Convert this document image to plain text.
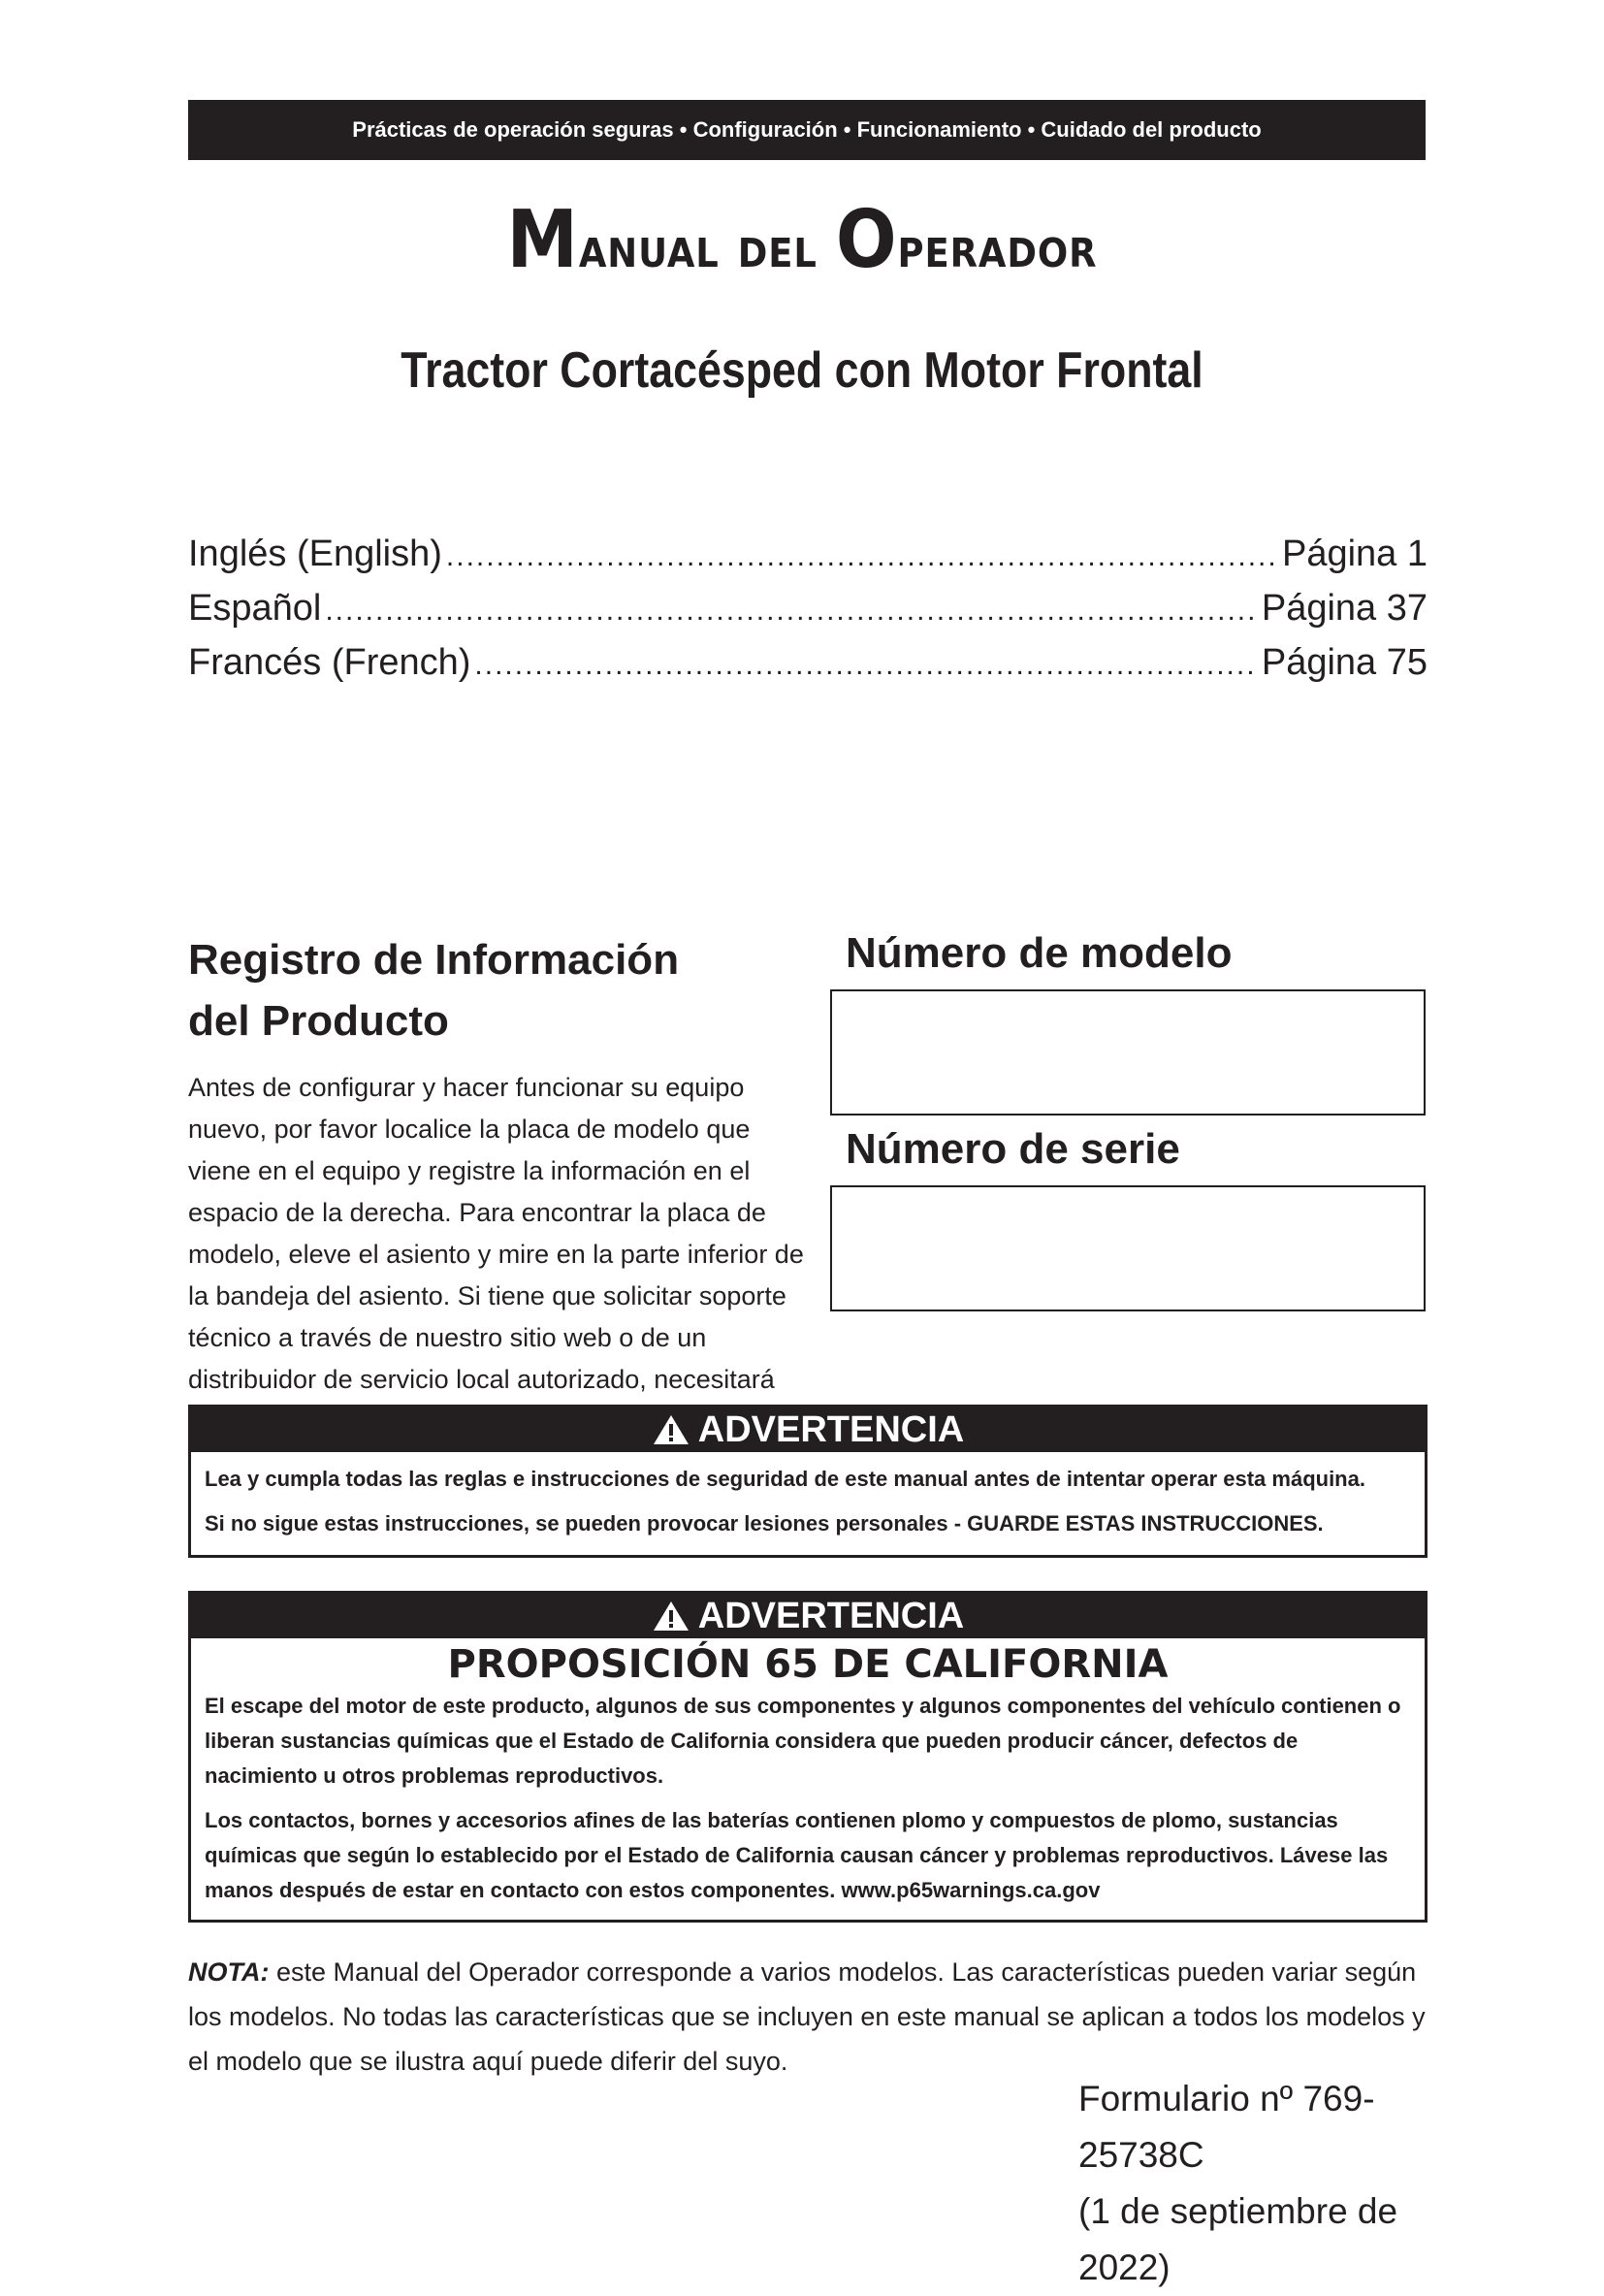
Prácticas de operación seguras • Configuración • Funcionamiento • Cuidado del producto
Manual del Operador
Tractor Cortacésped con Motor Frontal
Inglés (English) .....	Página 1
Español .....	Página 37
Francés (French) .....	Página 75
Registro de Información
del Producto
Antes de configurar y hacer funcionar su equipo nuevo, por favor localice la placa de modelo que viene en el equipo y registre la información en el espacio de la derecha. Para encontrar la placa de modelo, eleve el asiento y mire en la parte inferior de la bandeja del asiento. Si tiene que solicitar soporte técnico a través de nuestro sitio web o de un distribuidor de servicio local autorizado, necesitará
Número de modelo
Número de serie
ADVERTENCIA

Lea y cumpla todas las reglas e instrucciones de seguridad de este manual antes de intentar operar esta máquina.

Si no sigue estas instrucciones, se pueden provocar lesiones personales - GUARDE ESTAS INSTRUCCIONES.

ADVERTENCIA
PROPOSICIÓN 65 DE CALIFORNIA

El escape del motor de este producto, algunos de sus componentes y algunos componentes del vehículo contienen o liberan sustancias químicas que el Estado de California considera que pueden producir cáncer, defectos de nacimiento u otros problemas reproductivos.

Los contactos, bornes y accesorios afines de las baterías contienen plomo y compuestos de plomo, sustancias químicas que según lo establecido por el Estado de California causan cáncer y problemas reproductivos. Lávese las manos después de estar en contacto con estos componentes. www.p65warnings.ca.gov

NOTA: este Manual del Operador corresponde a varios modelos. Las características pueden variar según los modelos. No todas las características que se incluyen en este manual se aplican a todos los modelos y el modelo que se ilustra aquí puede diferir del suyo.
Formulario nº 769-25738C
(1 de septiembre de 2022)
